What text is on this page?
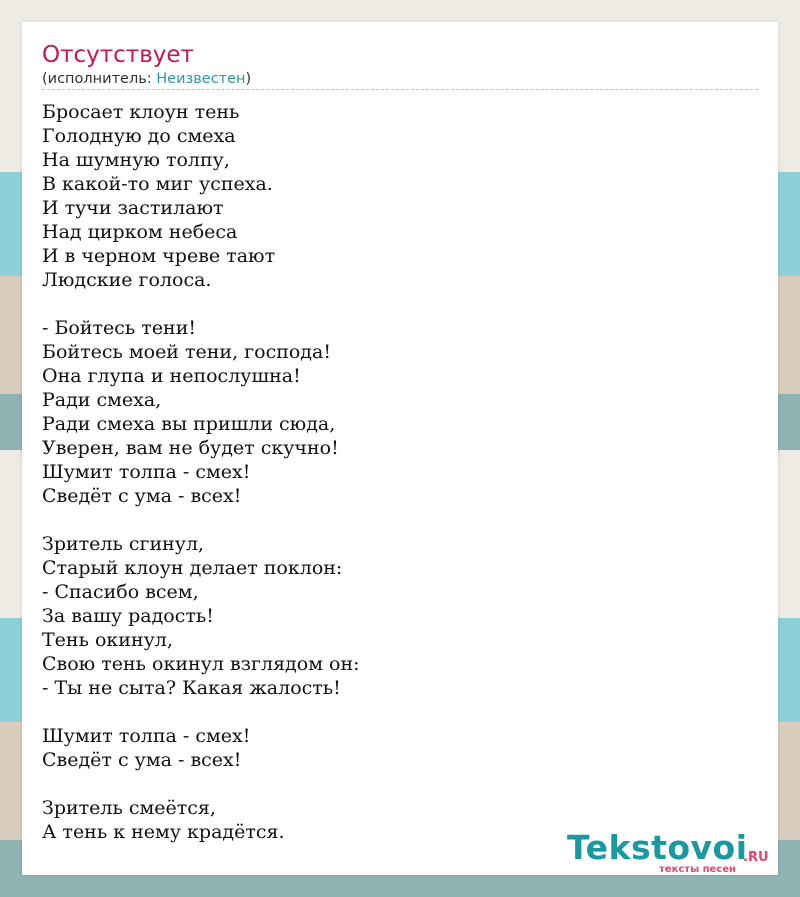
Отсутствует
(исполнитель: Неизвестен)
Бросает клоун тень
Голодную до смеха
На шумную толпу,
В какой-то миг успеха.
И тучи застилают
Над цирком небеса
И в черном чреве тают
Людские голоса.
- Бойтесь тени!
Бойтесь моей тени, господа!
Она глупа и непослушна!
Ради смеха,
Ради смеха вы пришли сюда,
Уверен, вам не будет скучно!
Шумит толпа - смех!
Сведёт с ума - всех!
Зритель сгинул,
Старый клоун делает поклон:
- Спасибо всем,
За вашу радость!
Тень окинул,
Свою тень окинул взглядом он:
- Ты не сыта? Какая жалость!
Шумит толпа - смех!
Сведёт с ума - всех!
Зритель смеётся,
А тень к нему крадётся.	Tekstovoi
.RU
тексты песен
